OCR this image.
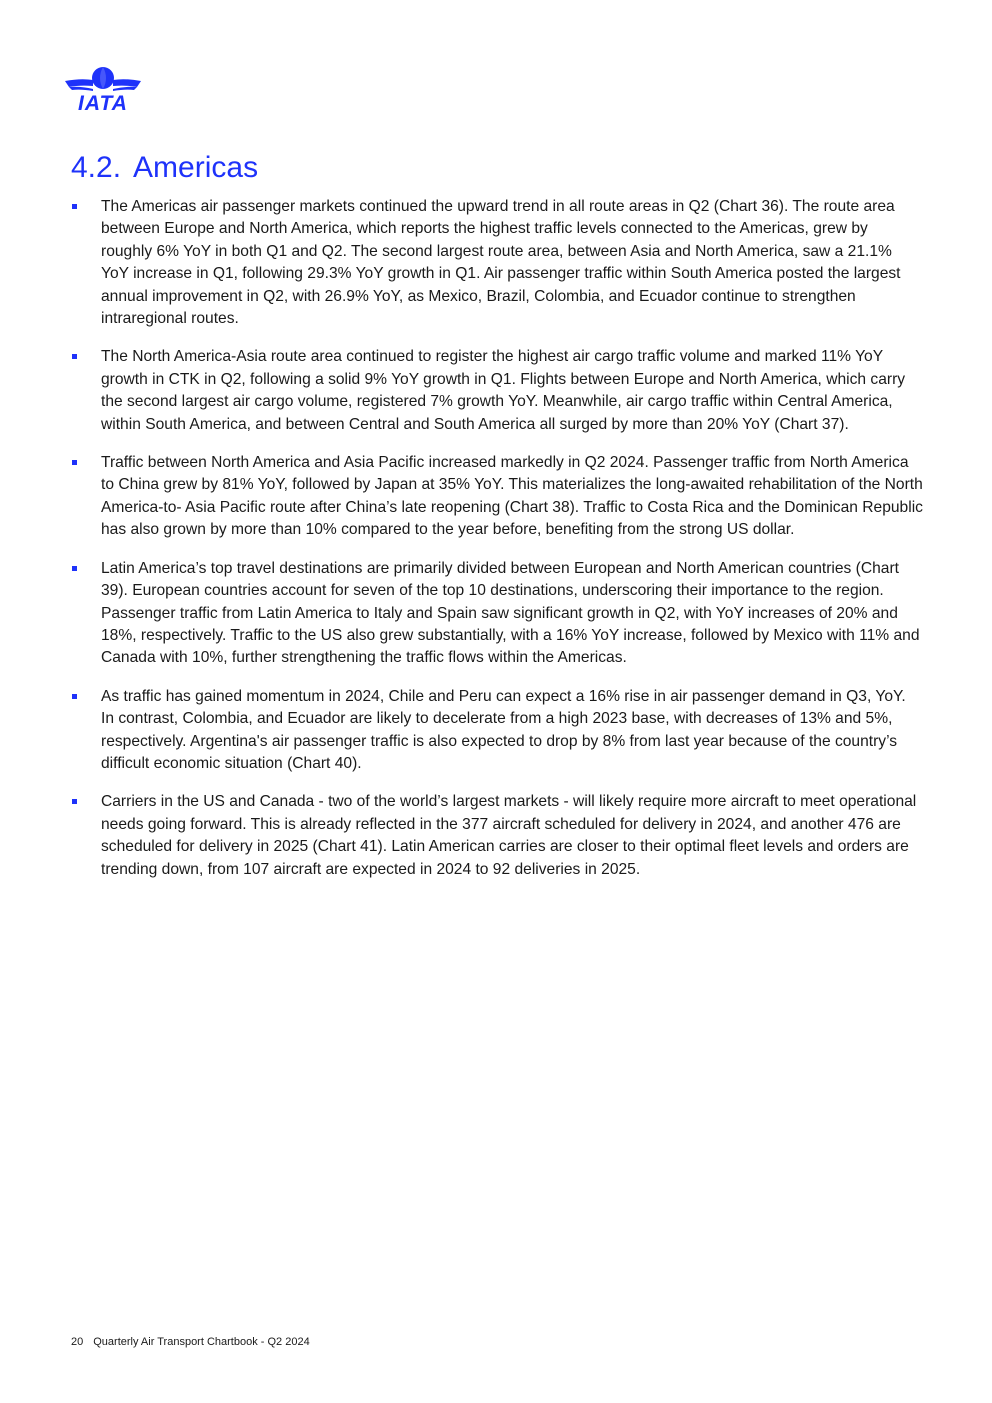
IATA
4.2. Americas
The Americas air passenger markets continued the upward trend in all route areas in Q2 (Chart 36). The route area between Europe and North America, which reports the highest traffic levels connected to the Americas, grew by roughly 6% YoY in both Q1 and Q2. The second largest route area, between Asia and North America, saw a 21.1% YoY increase in Q1, following 29.3% YoY growth in Q1. Air passenger traffic within South America posted the largest annual improvement in Q2, with 26.9% YoY, as Mexico, Brazil, Colombia, and Ecuador continue to strengthen intraregional routes.
The North America-Asia route area continued to register the highest air cargo traffic volume and marked 11% YoY growth in CTK in Q2, following a solid 9% YoY growth in Q1. Flights between Europe and North America, which carry the second largest air cargo volume, registered 7% growth YoY. Meanwhile, air cargo traffic within Central America, within South America, and between Central and South America all surged by more than 20% YoY (Chart 37).
Traffic between North America and Asia Pacific increased markedly in Q2 2024. Passenger traffic from North America to China grew by 81% YoY, followed by Japan at 35% YoY. This materializes the long-awaited rehabilitation of the North America-to- Asia Pacific route after China’s late reopening (Chart 38). Traffic to Costa Rica and the Dominican Republic has also grown by more than 10% compared to the year before, benefiting from the strong US dollar.
Latin America’s top travel destinations are primarily divided between European and North American countries (Chart 39). European countries account for seven of the top 10 destinations, underscoring their importance to the region. Passenger traffic from Latin America to Italy and Spain saw significant growth in Q2, with YoY increases of 20% and 18%, respectively. Traffic to the US also grew substantially, with a 16% YoY increase, followed by Mexico with 11% and Canada with 10%, further strengthening the traffic flows within the Americas.
As traffic has gained momentum in 2024, Chile and Peru can expect a 16% rise in air passenger demand in Q3, YoY. In contrast, Colombia, and Ecuador are likely to decelerate from a high 2023 base, with decreases of 13% and 5%, respectively. Argentina's air passenger traffic is also expected to drop by 8% from last year because of the country’s difficult economic situation (Chart 40).
Carriers in the US and Canada - two of the world’s largest markets - will likely require more aircraft to meet operational needs going forward. This is already reflected in the 377 aircraft scheduled for delivery in 2024, and another 476 are scheduled for delivery in 2025 (Chart 41). Latin American carries are closer to their optimal fleet levels and orders are trending down, from 107 aircraft are expected in 2024 to 92 deliveries in 2025.
20 Quarterly Air Transport Chartbook - Q2 2024
